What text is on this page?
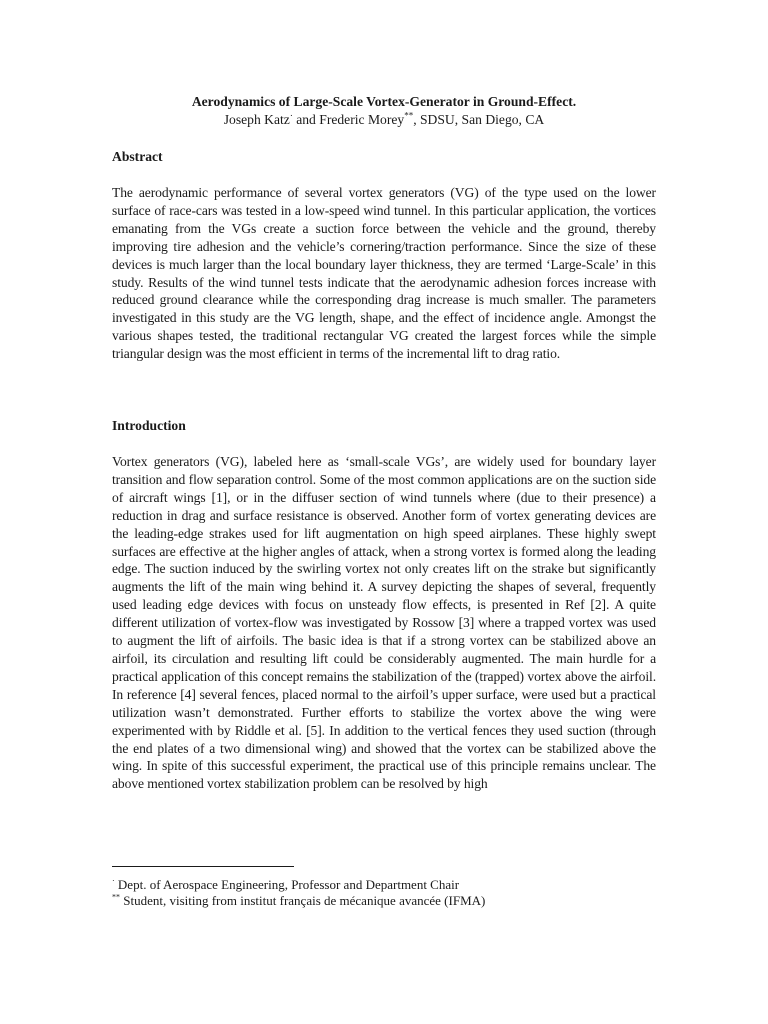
Aerodynamics of Large-Scale Vortex-Generator in Ground-Effect.

Joseph Katz· and Frederic Morey**, SDSU, San Diego, CA

Abstract

The aerodynamic performance of several vortex generators (VG) of the type used on the lower surface of race-cars was tested in a low-speed wind tunnel. In this particular application, the vortices emanating from the VGs create a suction force between the vehicle and the ground, thereby improving tire adhesion and the vehicle’s cornering/traction performance. Since the size of these devices is much larger than the local boundary layer thickness, they are termed ‘Large-Scale’ in this study. Results of the wind tunnel tests indicate that the aerodynamic adhesion forces increase with reduced ground clearance while the corresponding drag increase is much smaller. The parameters investigated in this study are the VG length, shape, and the effect of incidence angle. Amongst the various shapes tested, the traditional rectangular VG created the largest forces while the simple triangular design was the most efficient in terms of the incremental lift to drag ratio.

Introduction

Vortex generators (VG), labeled here as ‘small-scale VGs’, are widely used for boundary layer transition and flow separation control. Some of the most common applications are on the suction side of aircraft wings [1], or in the diffuser section of wind tunnels where (due to their presence) a reduction in drag and surface resistance is observed. Another form of vortex generating devices are the leading-edge strakes used for lift augmentation on high speed airplanes. These highly swept surfaces are effective at the higher angles of attack, when a strong vortex is formed along the leading edge. The suction induced by the swirling vortex not only creates lift on the strake but significantly augments the lift of the main wing behind it. A survey depicting the shapes of several, frequently used leading edge devices with focus on unsteady flow effects, is presented in Ref [2]. A quite different utilization of vortex-flow was investigated by Rossow [3] where a trapped vortex was used to augment the lift of airfoils. The basic idea is that if a strong vortex can be stabilized above an airfoil, its circulation and resulting lift could be considerably augmented. The main hurdle for a practical application of this concept remains the stabilization of the (trapped) vortex above the airfoil. In reference [4] several fences, placed normal to the airfoil’s upper surface, were used but a practical utilization wasn’t demonstrated. Further efforts to stabilize the vortex above the wing were experimented with by Riddle et al. [5]. In addition to the vertical fences they used suction (through the end plates of a two dimensional wing) and showed that the vortex can be stabilized above the wing. In spite of this successful experiment, the practical use of this principle remains unclear. The above mentioned vortex stabilization problem can be resolved by high

· Dept. of Aerospace Engineering, Professor and Department Chair

** Student, visiting from institut français de mécanique avancée (IFMA)
